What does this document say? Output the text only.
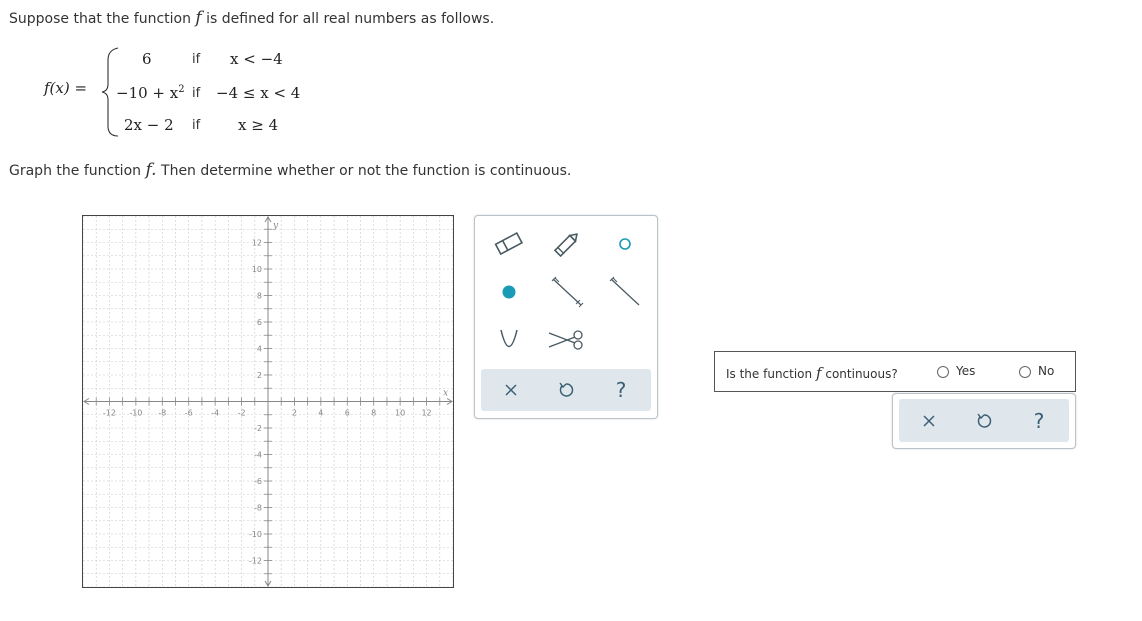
Suppose that the function f is defined for all real numbers as follows.
f(x) =
6	if x < −4
$-10 + x^2$ if −4 ≤ x < 4
2x − 2 if	x ≥ 4
Graph the function f. Then determine whether or not the function is continuous.
-12 -10 -8 -6 -4 -2	2	4	6	8 10 12
12
10
8
6
4
2
-2
-4
-6
-8
-10
-12
x
y
?
Is the function f continuous?	Yes	No
?
